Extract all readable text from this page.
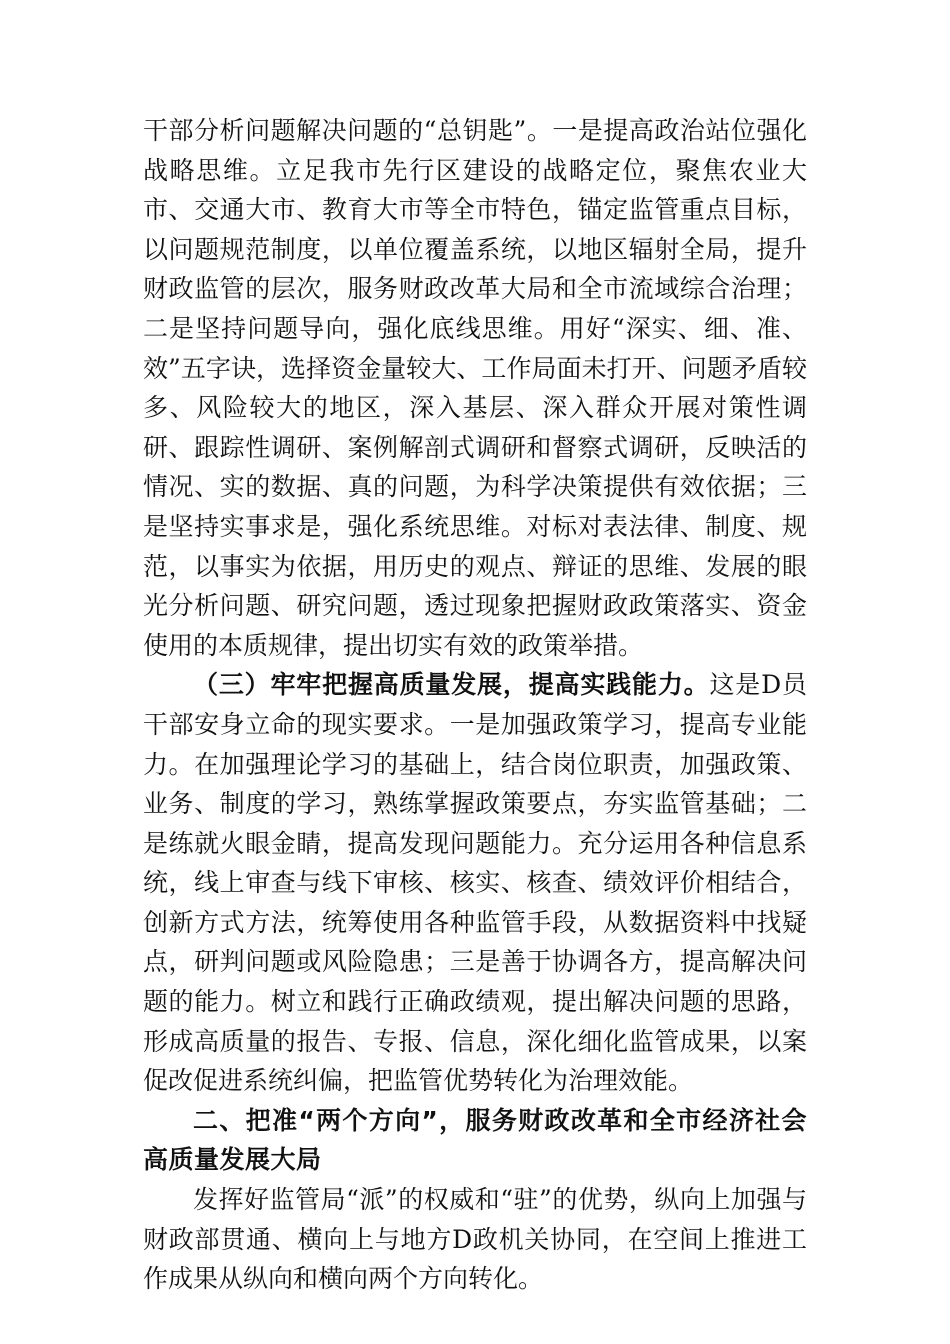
干部分析问题解决问题的“总钥匙”。一是提高政治站位强化战略思维。立足我市先行区建设的战略定位，聚焦农业大市、交通大市、教育大市等全市特色，锚定监管重点目标，以问题规范制度，以单位覆盖系统，以地区辐射全局，提升财政监管的层次，服务财政改革大局和全市流域综合治理；二是坚持问题导向，强化底线思维。用好“深实、细、准、效”五字诀，选择资金量较大、工作局面未打开、问题矛盾较多、风险较大的地区，深入基层、深入群众开展对策性调研、跟踪性调研、案例解剖式调研和督察式调研，反映活的情况、实的数据、真的问题，为科学决策提供有效依据；三是坚持实事求是，强化系统思维。对标对表法律、制度、规范，以事实为依据，用历史的观点、辩证的思维、发展的眼光分析问题、研究问题，透过现象把握财政政策落实、资金使用的本质规律，提出切实有效的政策举措。

（三）牢牢把握高质量发展，提高实践能力。这是D员干部安身立命的现实要求。一是加强政策学习，提高专业能力。在加强理论学习的基础上，结合岗位职责，加强政策、业务、制度的学习，熟练掌握政策要点，夯实监管基础；二是练就火眼金睛，提高发现问题能力。充分运用各种信息系统，线上审查与线下审核、核实、核查、绩效评价相结合，创新方式方法，统筹使用各种监管手段，从数据资料中找疑点，研判问题或风险隐患；三是善于协调各方，提高解决问题的能力。树立和践行正确政绩观，提出解决问题的思路，形成高质量的报告、专报、信息，深化细化监管成果，以案促改促进系统纠偏，把监管优势转化为治理效能。

二、把准“两个方向”，服务财政改革和全市经济社会高质量发展大局

发挥好监管局“派”的权威和“驻”的优势，纵向上加强与财政部贯通、横向上与地方D政机关协同，在空间上推进工作成果从纵向和横向两个方向转化。
